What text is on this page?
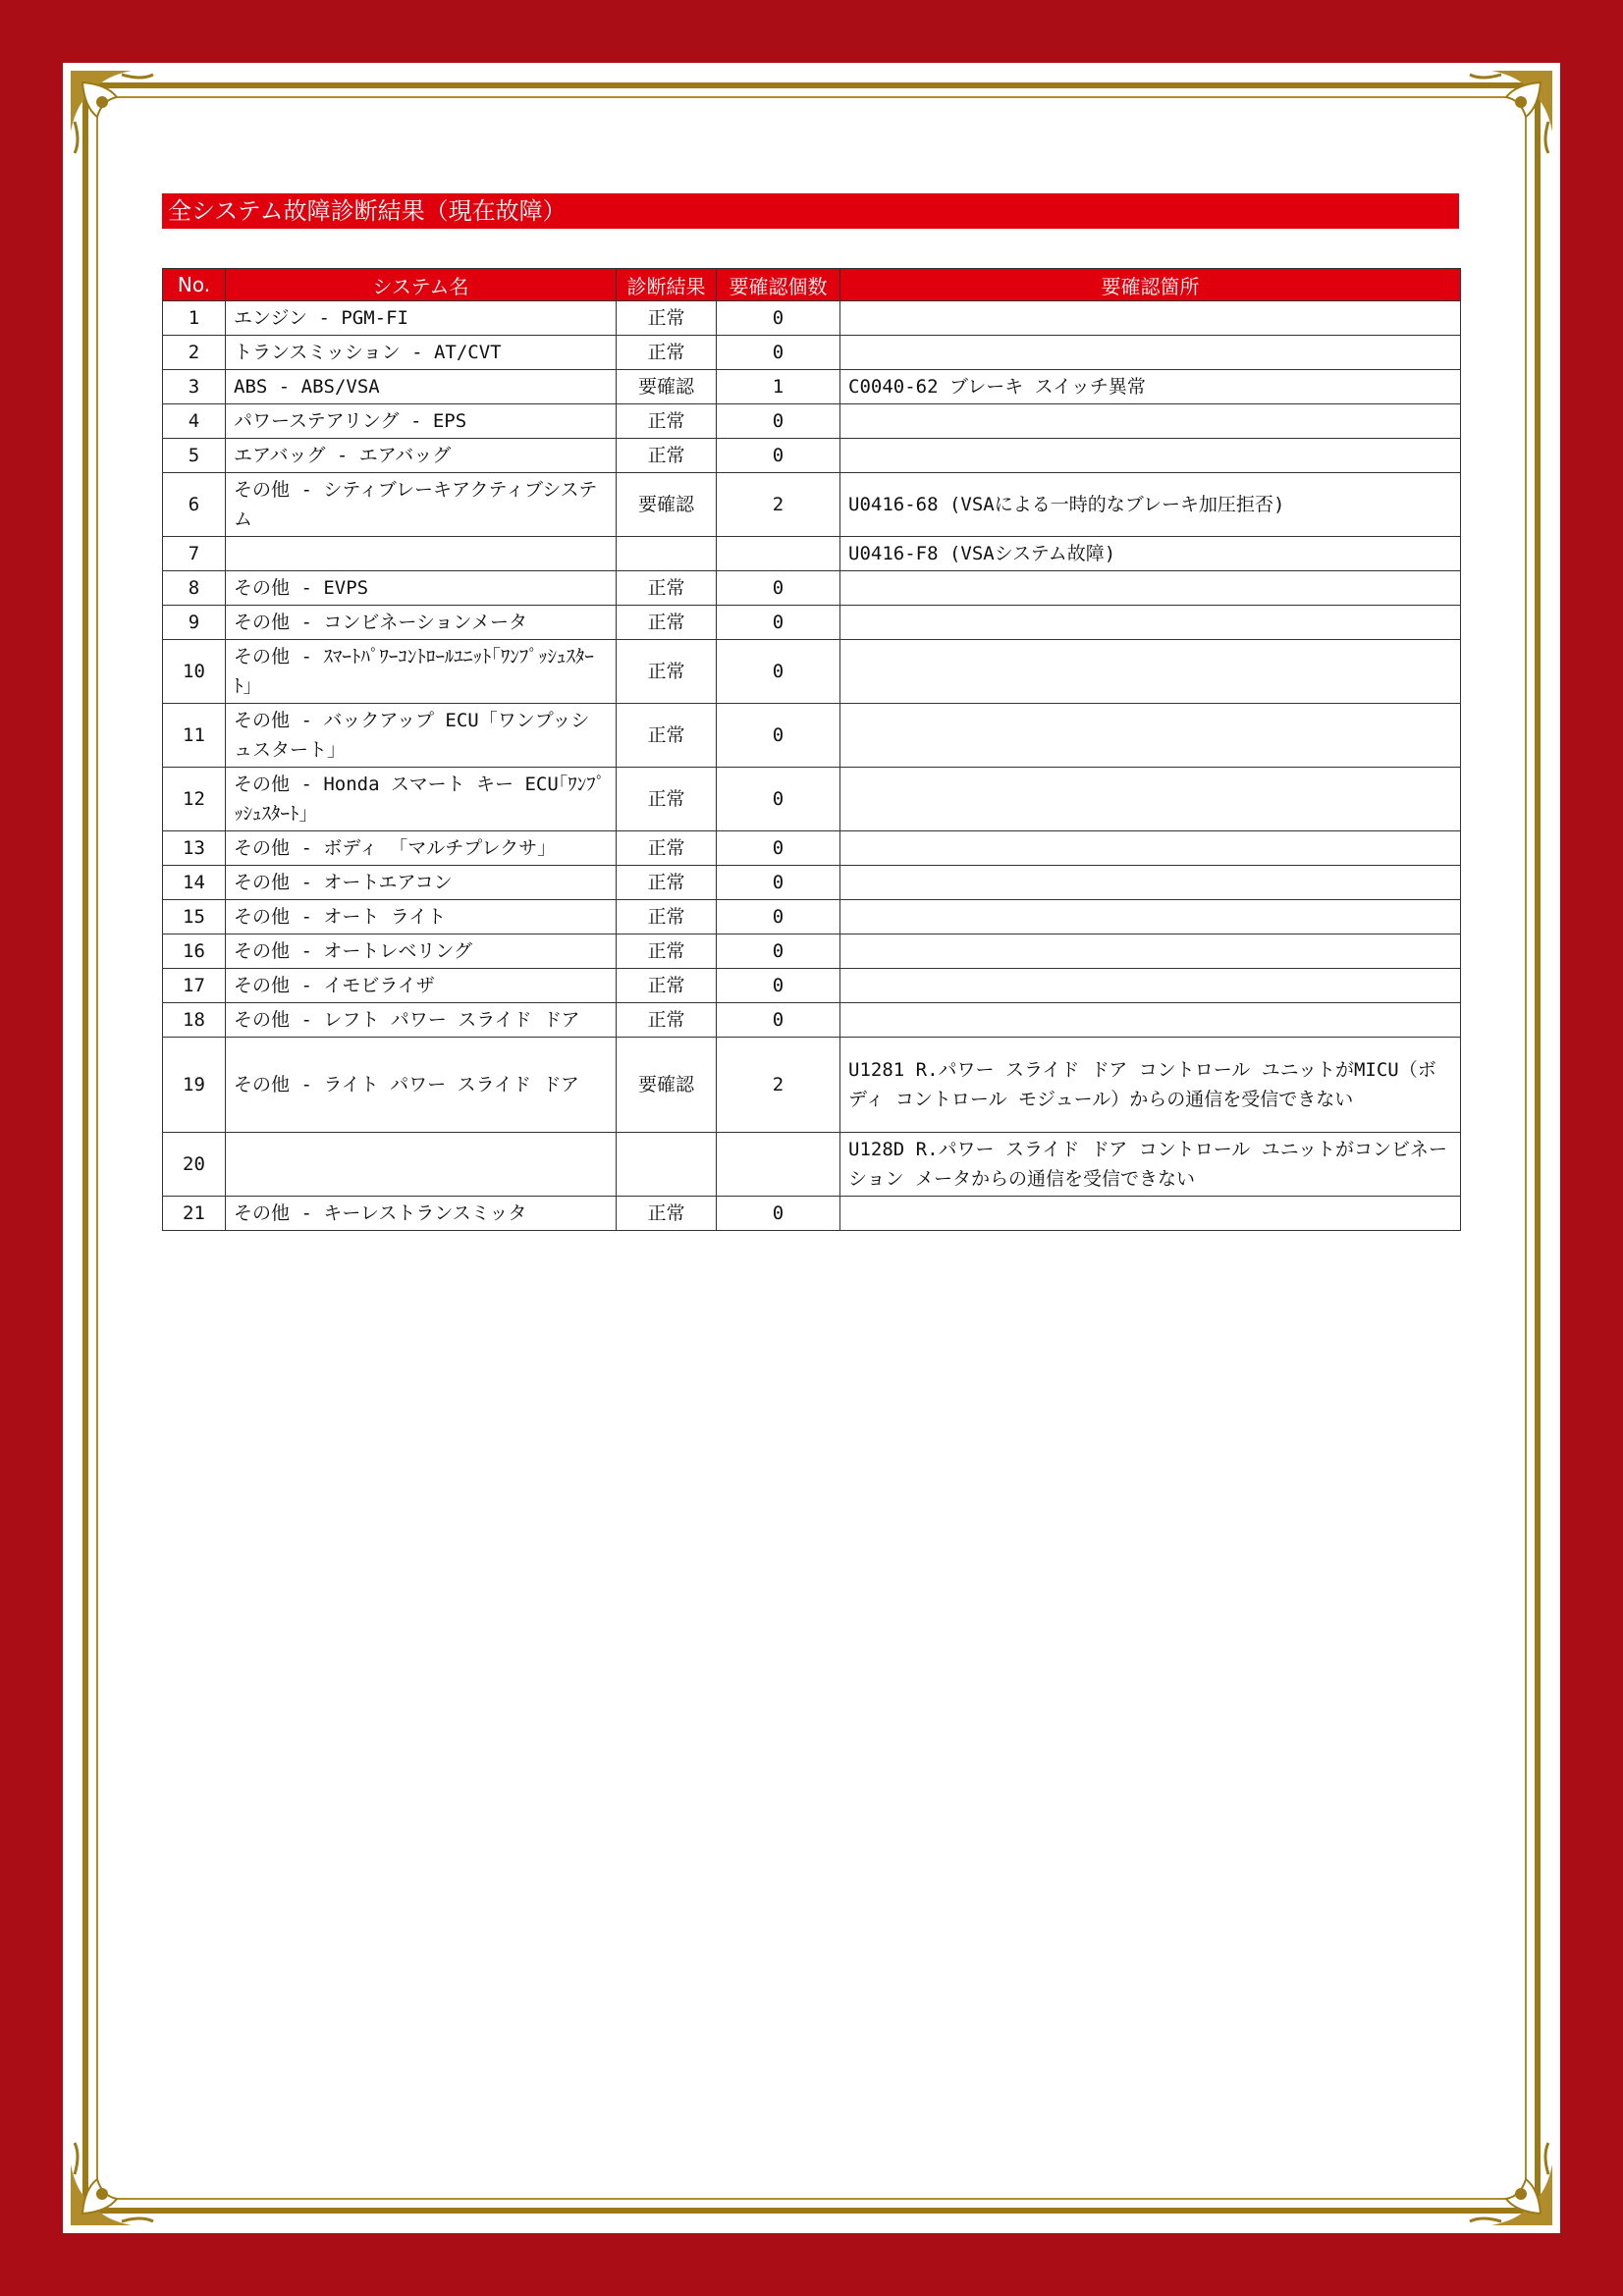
全システム故障診断結果（現在故障）
No.	システム名	診断結果	要確認個数	要確認箇所
1	エンジン - PGM-FI	正常	0	
2	トランスミッション - AT/CVT	正常	0	
3	ABS - ABS/VSA	要確認	1	C0040-62 ブレーキ スイッチ異常
4	パワーステアリング - EPS	正常	0	
5	エアバッグ - エアバッグ	正常	0	
6	その他 - シティブレーキアクティブシステム	要確認	2	U0416-68 (VSAによる一時的なブレーキ加圧拒否)
7				U0416-F8 (VSAシステム故障)
8	その他 - EVPS	正常	0	
9	その他 - コンビネーションメータ	正常	0	
10	その他 - ｽﾏｰﾄﾊﾟﾜｰｺﾝﾄﾛｰﾙﾕﾆｯﾄ｢ﾜﾝﾌﾟｯｼｭｽﾀｰﾄ｣	正常	0	
11	その他 - バックアップ ECU「ワンプッシュスタート」	正常	0	
12	その他 - Honda スマート キー ECU｢ﾜﾝﾌﾟｯｼｭｽﾀｰﾄ｣	正常	0	
13	その他 - ボディ 「マルチプレクサ」	正常	0	
14	その他 - オートエアコン	正常	0	
15	その他 - オート ライト	正常	0	
16	その他 - オートレベリング	正常	0	
17	その他 - イモビライザ	正常	0	
18	その他 - レフト パワー スライド ドア	正常	0	
19	その他 - ライト パワー スライド ドア	要確認	2	U1281 R.パワー スライド ドア コントロール ユニットがMICU（ボディ コントロール モジュール）からの通信を受信できない
20				U128D R.パワー スライド ドア コントロール ユニットがコンビネーション メータからの通信を受信できない
21	その他 - キーレストランスミッタ	正常	0	
